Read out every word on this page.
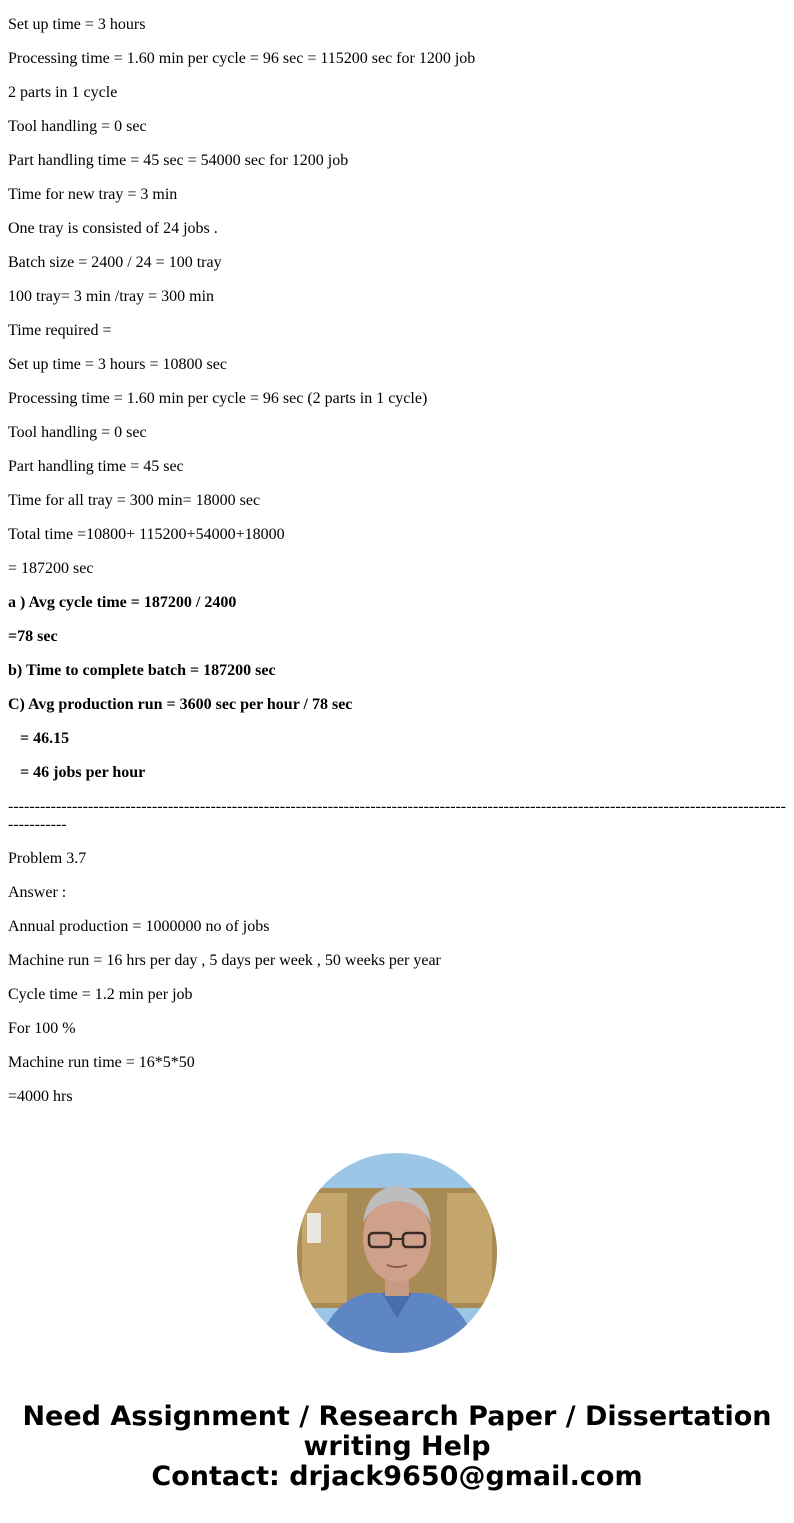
Set up time = 3 hours

Processing time = 1.60 min per cycle = 96 sec = 115200 sec for 1200 job

2 parts in 1 cycle

Tool handling = 0 sec

Part handling time = 45 sec = 54000 sec for 1200 job

Time for new tray = 3 min

One tray is consisted of 24 jobs .

Batch size = 2400 / 24 = 100 tray

100 tray= 3 min /tray = 300 min

Time required =

Set up time = 3 hours = 10800 sec

Processing time = 1.60 min per cycle = 96 sec (2 parts in 1 cycle)

Tool handling = 0 sec

Part handling time = 45 sec

Time for all tray = 300 min= 18000 sec

Total time =10800+ 115200+54000+18000

= 187200 sec

a ) Avg cycle time = 187200 / 2400

=78 sec

b) Time to complete batch = 187200 sec

C) Avg production run = 3600 sec per hour / 78 sec

= 46.15

= 46 jobs per hour

-------------------------------------------------------------------------------------------------------------------------------------------------------------

Problem 3.7

Answer :

Annual production = 1000000 no of jobs

Machine run = 16 hrs per day , 5 days per week , 50 weeks per year

Cycle time = 1.2 min per job

For 100 %

Machine run time = 16*5*50

=4000 hrs

Need Assignment / Research Paper / Dissertation
writing Help
Contact: drjack9650@gmail.com
